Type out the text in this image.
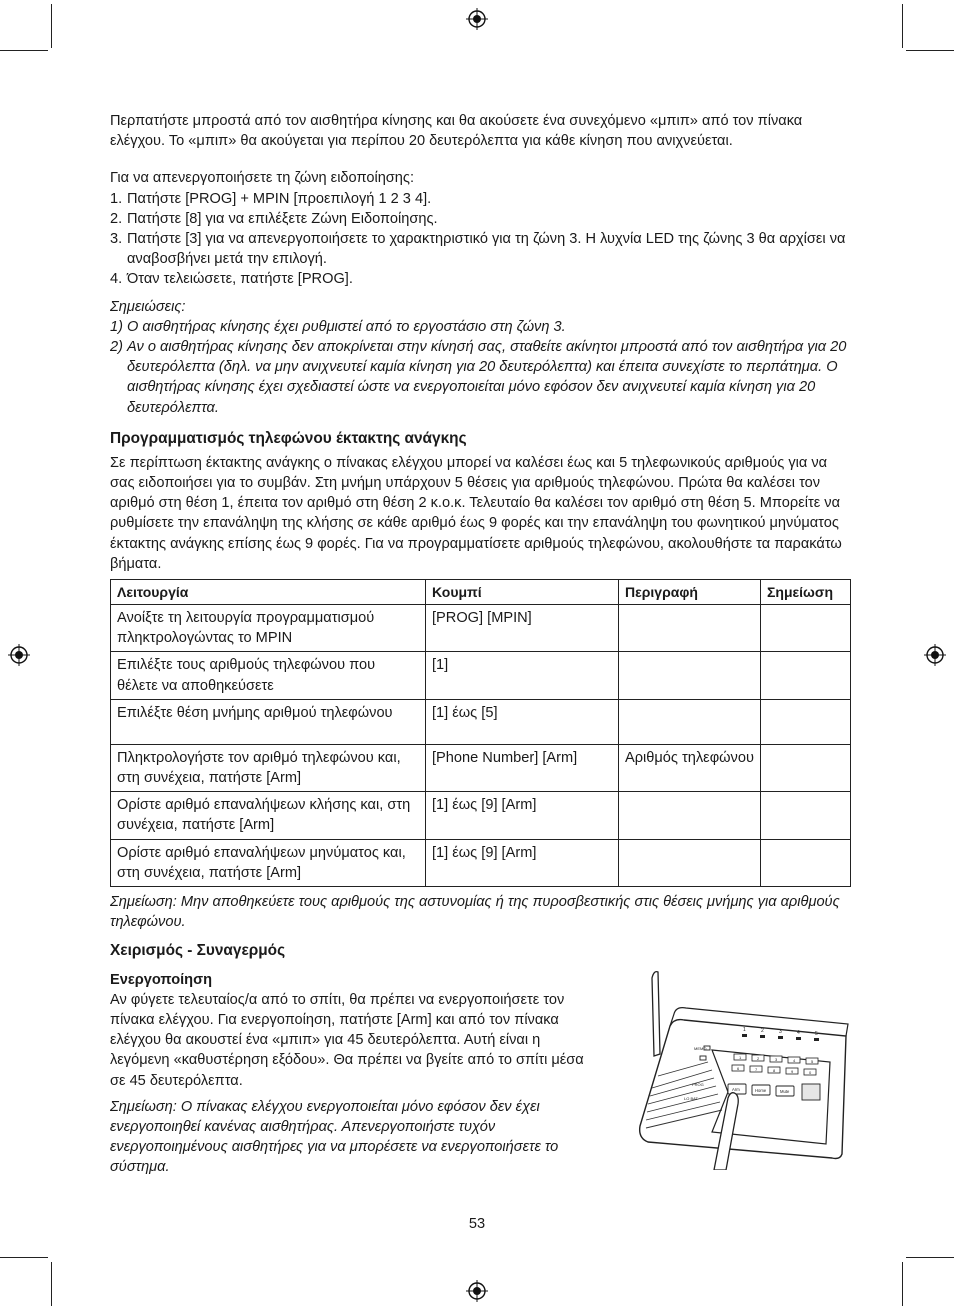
Περπατήστε μπροστά από τον αισθητήρα κίνησης και θα ακούσετε ένα συνεχόμενο «μπιπ» από τον πίνακα ελέγχου. Το «μπιπ» θα ακούγεται για περίπου 20 δευτερόλεπτα για κάθε κίνηση που ανιχνεύεται.

Για να απενεργοποιήσετε τη ζώνη ειδοποίησης:

1. Πατήστε [PROG] + MPIN [προεπιλογή 1 2 3 4].
2. Πατήστε [8] για να επιλέξετε Ζώνη Ειδοποίησης.
3. Πατήστε [3] για να απενεργοποιήσετε το χαρακτηριστικό για τη ζώνη 3. Η λυχνία LED της ζώνης 3 θα αρχίσει να αναβοσβήνει μετά την επιλογή.
4. Όταν τελειώσετε, πατήστε [PROG].

Σημειώσεις:

1) Ο αισθητήρας κίνησης έχει ρυθμιστεί από το εργοστάσιο στη ζώνη 3.
2) Αν ο αισθητήρας κίνησης δεν αποκρίνεται στην κίνησή σας, σταθείτε ακίνητοι μπροστά από τον αισθητήρα για 20 δευτερόλεπτα (δηλ. να μην ανιχνευτεί καμία κίνηση για 20 δευτερόλεπτα) και έπειτα συνεχίστε το περπάτημα. Ο αισθητήρας κίνησης έχει σχεδιαστεί ώστε να ενεργοποιείται μόνο εφόσον δεν ανιχνευτεί καμία κίνηση για 20 δευτερόλεπτα.
Προγραμματισμός τηλεφώνου έκτακτης ανάγκης

Σε περίπτωση έκτακτης ανάγκης ο πίνακας ελέγχου μπορεί να καλέσει έως και 5 τηλεφωνικούς αριθμούς για να σας ειδοποιήσει για το συμβάν. Στη μνήμη υπάρχουν 5 θέσεις για αριθμούς τηλεφώνου. Πρώτα θα καλέσει τον αριθμό στη θέση 1, έπειτα τον αριθμό στη θέση 2 κ.ο.κ. Τελευταίο θα καλέσει τον αριθμό στη θέση 5. Μπορείτε να ρυθμίσετε την επανάληψη της κλήσης σε κάθε αριθμό έως 9 φορές και την επανάληψη του φωνητικού μηνύματος έκτακτης ανάγκης επίσης έως 9 φορές. Για να προγραμματίσετε αριθμούς τηλεφώνου, ακολουθήστε τα παρακάτω βήματα.

Λειτουργία	Κουμπί	Περιγραφή	Σημείωση
Ανοίξτε τη λειτουργία προγραμματισμού πληκτρολογώντας το MPIN	[PROG] [MPIN]		
Επιλέξτε τους αριθμούς τηλεφώνου που θέλετε να αποθηκεύσετε	[1]		
Επιλέξτε θέση μνήμης αριθμού τηλεφώνου	[1] έως [5]		
Πληκτρολογήστε τον αριθμό τηλεφώνου και, στη συνέχεια, πατήστε [Arm]	[Phone Number] [Arm]	Αριθμός τηλεφώνου	
Ορίστε αριθμό επαναλήψεων κλήσης και, στη συνέχεια, πατήστε [Arm]	[1] έως [9] [Arm]		
Ορίστε αριθμό επαναλήψεων μηνύματος και, στη συνέχεια, πατήστε [Arm]	[1] έως [9] [Arm]		

Σημείωση: Μην αποθηκεύετε τους αριθμούς της αστυνομίας ή της πυροσβεστικής στις θέσεις μνήμης για αριθμούς τηλεφώνου.

Χειρισμός - Συναγερμός

Ενεργοποίηση

Αν φύγετε τελευταίος/α από το σπίτι, θα πρέπει να ενεργοποιήσετε τον πίνακα ελέγχου. Για ενεργοποίηση, πατήστε [Arm] και από τον πίνακα ελέγχου θα ακουστεί ένα «μπιπ» για 45 δευτερόλεπτα. Αυτή είναι η λεγόμενη «καθυστέρηση εξόδου». Θα πρέπει να βγείτε από το σπίτι μέσα σε 45 δευτερόλεπτα.

Σημείωση: Ο πίνακας ελέγχου ενεργοποιείται μόνο εφόσον δεν έχει ενεργοποιηθεί κανένας αισθητήρας. Απενεργοποιήστε τυχόν ενεργοποιημένους αισθητήρες για να μπορέσετε να ενεργοποιήσετε το σύστημα.

1	2	3	4	5
MEMO
PROG
LO BAT
1	2	3	4	5
6	7	8	9	0
Arm	Home	Mute
53
